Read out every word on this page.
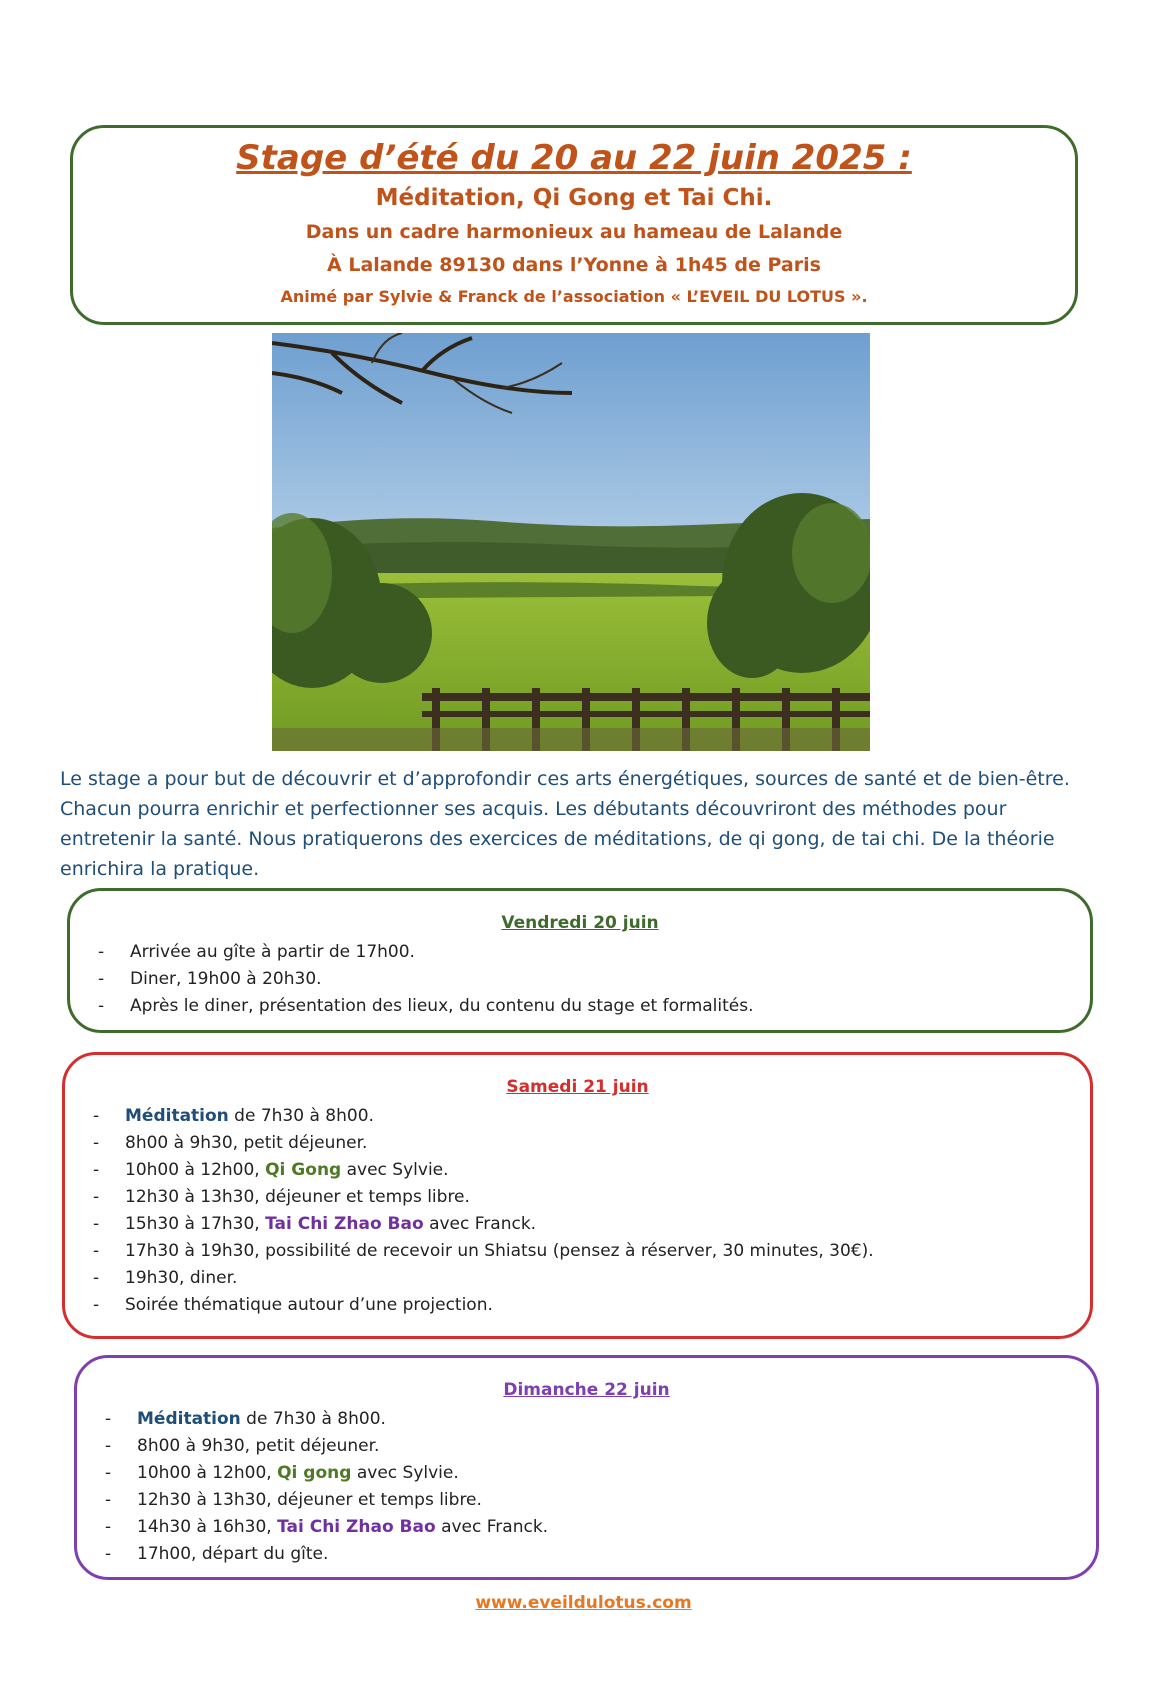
Stage d’été du 20 au 22 juin 2025 :
Méditation, Qi Gong et Tai Chi.
Dans un cadre harmonieux au hameau de Lalande
À Lalande 89130 dans l’Yonne à 1h45 de Paris
Animé par Sylvie & Franck de l’association « L’EVEIL DU LOTUS ».
Le stage a pour but de découvrir et d’approfondir ces arts énergétiques, sources de santé et de bien-être. Chacun pourra enrichir et perfectionner ses acquis. Les débutants découvriront des méthodes pour entretenir la santé. Nous pratiquerons des exercices de méditations, de qi gong, de tai chi. De la théorie enrichira la pratique.
Vendredi 20 juin
- Arrivée au gîte à partir de 17h00.
- Diner, 19h00 à 20h30.
- Après le diner, présentation des lieux, du contenu du stage et formalités.
Samedi 21 juin
- Méditation de 7h30 à 8h00.
- 8h00 à 9h30, petit déjeuner.
- 10h00 à 12h00, Qi Gong avec Sylvie.
- 12h30 à 13h30, déjeuner et temps libre.
- 15h30 à 17h30, Tai Chi Zhao Bao avec Franck.
- 17h30 à 19h30, possibilité de recevoir un Shiatsu (pensez à réserver, 30 minutes, 30€).
- 19h30, diner.
- Soirée thématique autour d’une projection.
Dimanche 22 juin
- Méditation de 7h30 à 8h00.
- 8h00 à 9h30, petit déjeuner.
- 10h00 à 12h00, Qi gong avec Sylvie.
- 12h30 à 13h30, déjeuner et temps libre.
- 14h30 à 16h30, Tai Chi Zhao Bao avec Franck.
- 17h00, départ du gîte.
www.eveildulotus.com
